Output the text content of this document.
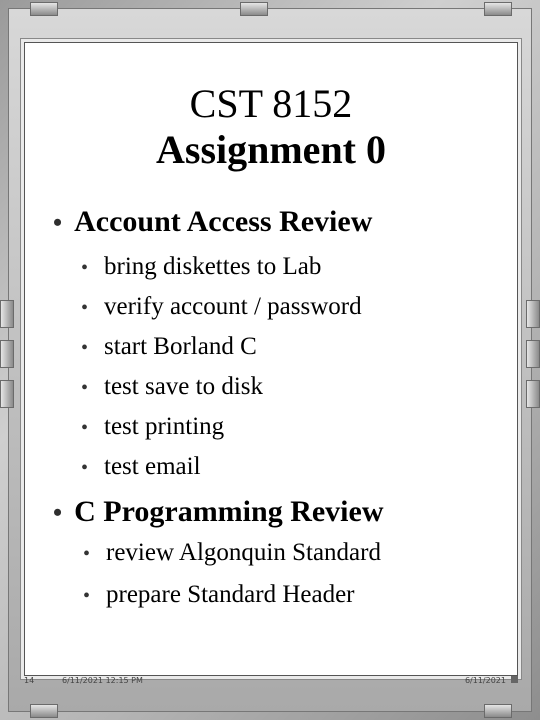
CST 8152
Assignment 0
• Account Access Review
• bring diskettes to Lab
• verify account / password
• start Borland C
• test save to disk
• test printing
• test email
• C Programming Review
• review Algonquin Standard
• prepare Standard Header
14	6/11/2021 12:15 PM	6/11/2021
